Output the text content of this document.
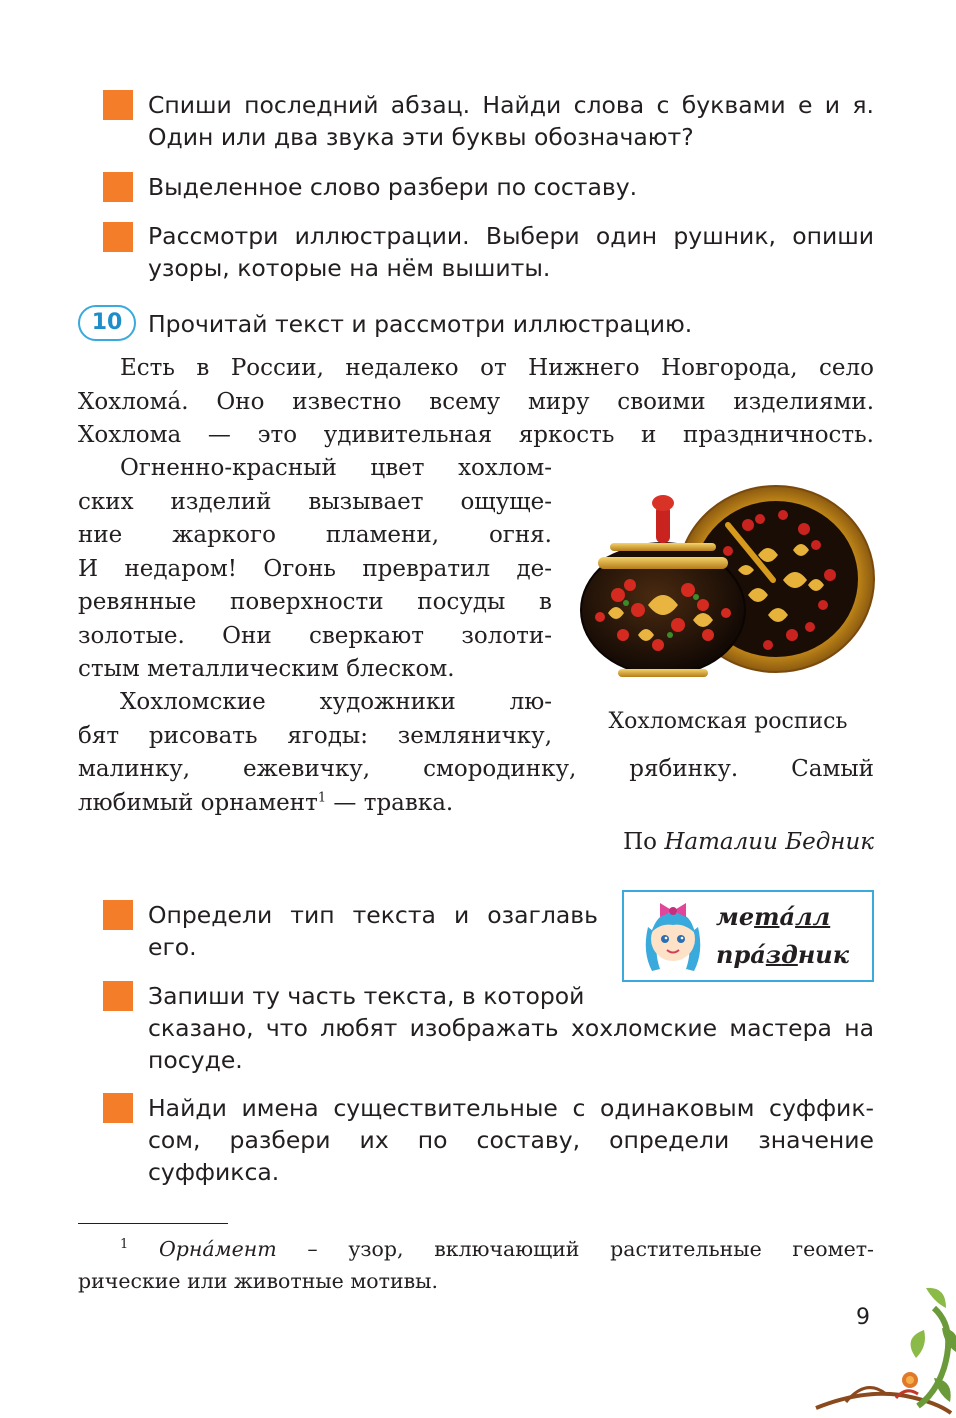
Спиши последний абзац. Найди слова с буквами е и я.
Один или два звука эти буквы обозначают?
Выделенное слово разбери по составу.
Рассмотри иллюстрации. Выбери один рушник, опиши
узоры, которые на нём вышиты.
10	Прочитай текст и рассмотри иллюстрацию.
Есть в России, недалеко от Нижнего Новгорода, село
Хохлома́. Оно известно всему миру своими изделиями.
Хохлома — это удивительная яркость и праздничность.
Огненно-красный цвет хохлом-
ских изделий вызывает ощуще-
ние жаркого пламени, огня.
И недаром! Огонь превратил де-
ревянные поверхности посуды в
золотые. Они сверкают золоти-
стым металлическим блеском.
Хохломские художники лю-
бят рисовать ягоды: земляничку,
малинку, ежевичку, смородинку, рябинку. Самый
любимый орнамент$^1$ — травка.
По Наталии Бедник
Хохломская роспись
Определи тип текста и озаглавь
его.
Запиши ту часть текста, в которой
сказано, что любят изображать хохломские мастера на
посуде.
Найди имена существительные с одинаковым суффик-
сом, разбери их по составу, определи значение
суффикса.
мета́лл
праздник
$^1$ Орна́мент – узор, включающий растительные геомет-
рические или животные мотивы.
9
